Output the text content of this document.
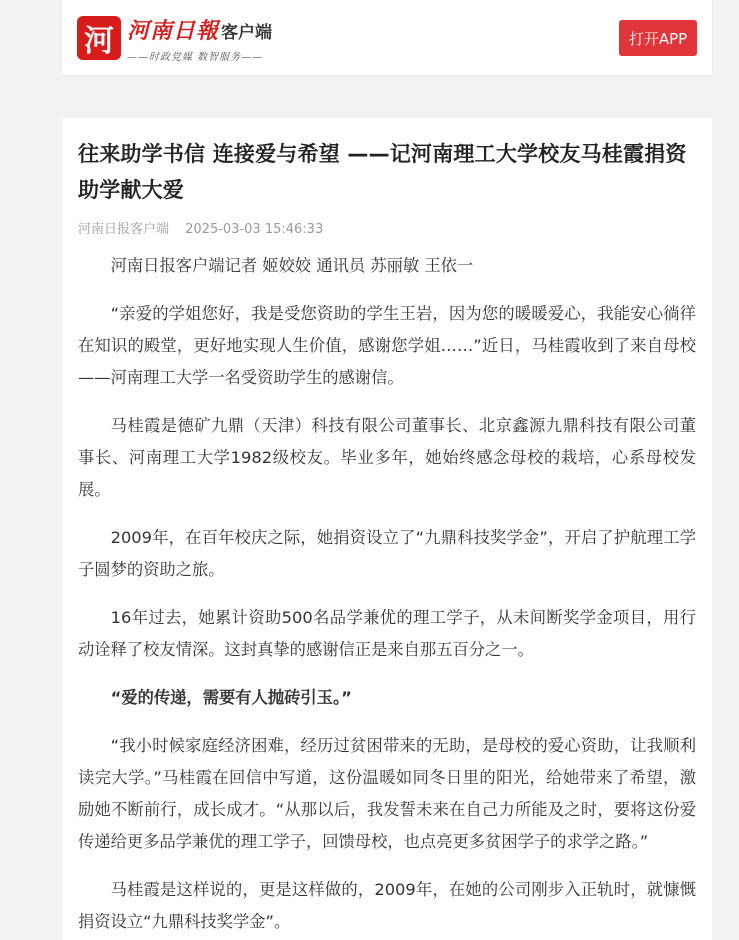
河 河南日報 客户端
——时政党媒 数智服务——
打开APP
往来助学书信 连接爱与希望 ——记河南理工大学校友马桂霞捐资助学献大爱
河南日报客户端 2025-03-03 15:46:33

河南日报客户端记者 姬姣姣 通讯员 苏丽敏 王依一

“亲爱的学姐您好，我是受您资助的学生王岩，因为您的暖暖爱心，我能安心徜徉在知识的殿堂，更好地实现人生价值，感谢您学姐……”近日，马桂霞收到了来自母校——河南理工大学一名受资助学生的感谢信。

马桂霞是德矿九鼎（天津）科技有限公司董事长、北京鑫源九鼎科技有限公司董事长、河南理工大学1982级校友。毕业多年，她始终感念母校的栽培，心系母校发展。

2009年，在百年校庆之际，她捐资设立了“九鼎科技奖学金”，开启了护航理工学子圆梦的资助之旅。

16年过去，她累计资助500名品学兼优的理工学子，从未间断奖学金项目，用行动诠释了校友情深。这封真挚的感谢信正是来自那五百分之一。

“爱的传递，需要有人抛砖引玉。”

“我小时候家庭经济困难，经历过贫困带来的无助，是母校的爱心资助，让我顺利读完大学。”马桂霞在回信中写道，这份温暖如同冬日里的阳光，给她带来了希望，激励她不断前行，成长成才。“从那以后，我发誓未来在自己力所能及之时，要将这份爱传递给更多品学兼优的理工学子，回馈母校，也点亮更多贫困学子的求学之路。”

马桂霞是这样说的，更是这样做的，2009年，在她的公司刚步入正轨时，就慷慨捐资设立“九鼎科技奖学金”。
